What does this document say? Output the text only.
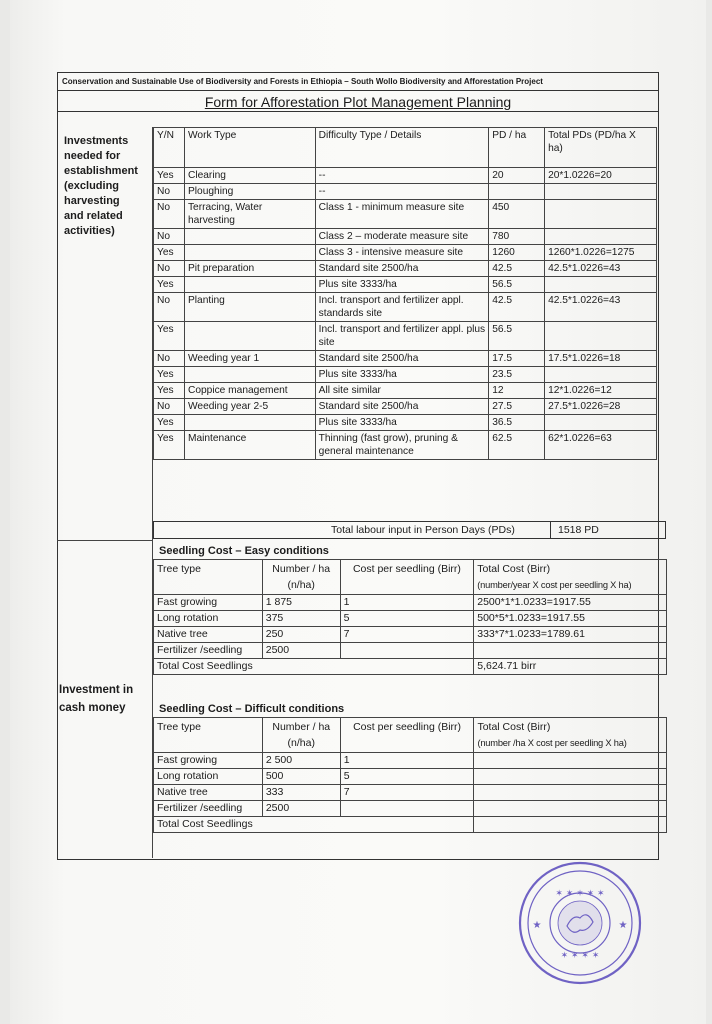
Conservation and Sustainable Use of Biodiversity and Forests in Ethiopia – South Wollo Biodiversity and Afforestation Project
Form for Afforestation Plot Management Planning
Investments
needed for
establishment
(excluding
harvesting
and related
activities)
Investment in
cash money
Y/N	Work Type	Difficulty Type / Details	PD / ha	Total PDs (PD/ha X ha)
Yes	Clearing	--	20	20*1.0226=20
No	Ploughing	--		
No	Terracing, Water harvesting	Class 1 - minimum measure site	450	
No		Class 2 – moderate measure site	780	
Yes		Class 3 - intensive measure site	1260	1260*1.0226=1275
No	Pit preparation	Standard site 2500/ha	42.5	42.5*1.0226=43
Yes		Plus site 3333/ha	56.5	
No	Planting	Incl. transport and fertilizer appl. standards site	42.5	42.5*1.0226=43
Yes		Incl. transport and fertilizer appl. plus site	56.5	
No	Weeding year 1	Standard site 2500/ha	17.5	17.5*1.0226=18
Yes		Plus site 3333/ha	23.5	
Yes	Coppice management	All site similar	12	12*1.0226=12
No	Weeding year 2-5	Standard site 2500/ha	27.5	27.5*1.0226=28
Yes		Plus site 3333/ha	36.5	
Yes	Maintenance	Thinning (fast grow), pruning & general maintenance	62.5	62*1.0226=63
Total labour input in Person Days (PDs)	1518 PD
Seedling Cost – Easy conditions
Tree type	Number / ha (n/ha)	Cost per seedling (Birr)	Total Cost (Birr)
(number/year X cost per seedling X ha)

Fast growing	1 875	1	2500*1*1.0233=1917.55
Long rotation	375	5	500*5*1.0233=1917.55
Native tree	250	7	333*7*1.0233=1789.61
Fertilizer /seedling	2500		
Total Cost Seedlings			5,624.71 birr
Seedling Cost – Difficult conditions
Tree type	Number / ha (n/ha)	Cost per seedling (Birr)	Total Cost (Birr)
(number /ha X cost per seedling X ha)

Fast growing	2 500	1	
Long rotation	500	5	
Native tree	333	7	
Fertilizer /seedling	2500		
Total Cost Seedlings			
✶ ✶ ✶ ✶ ✶
✶ ✶ ✶ ✶
★	★
